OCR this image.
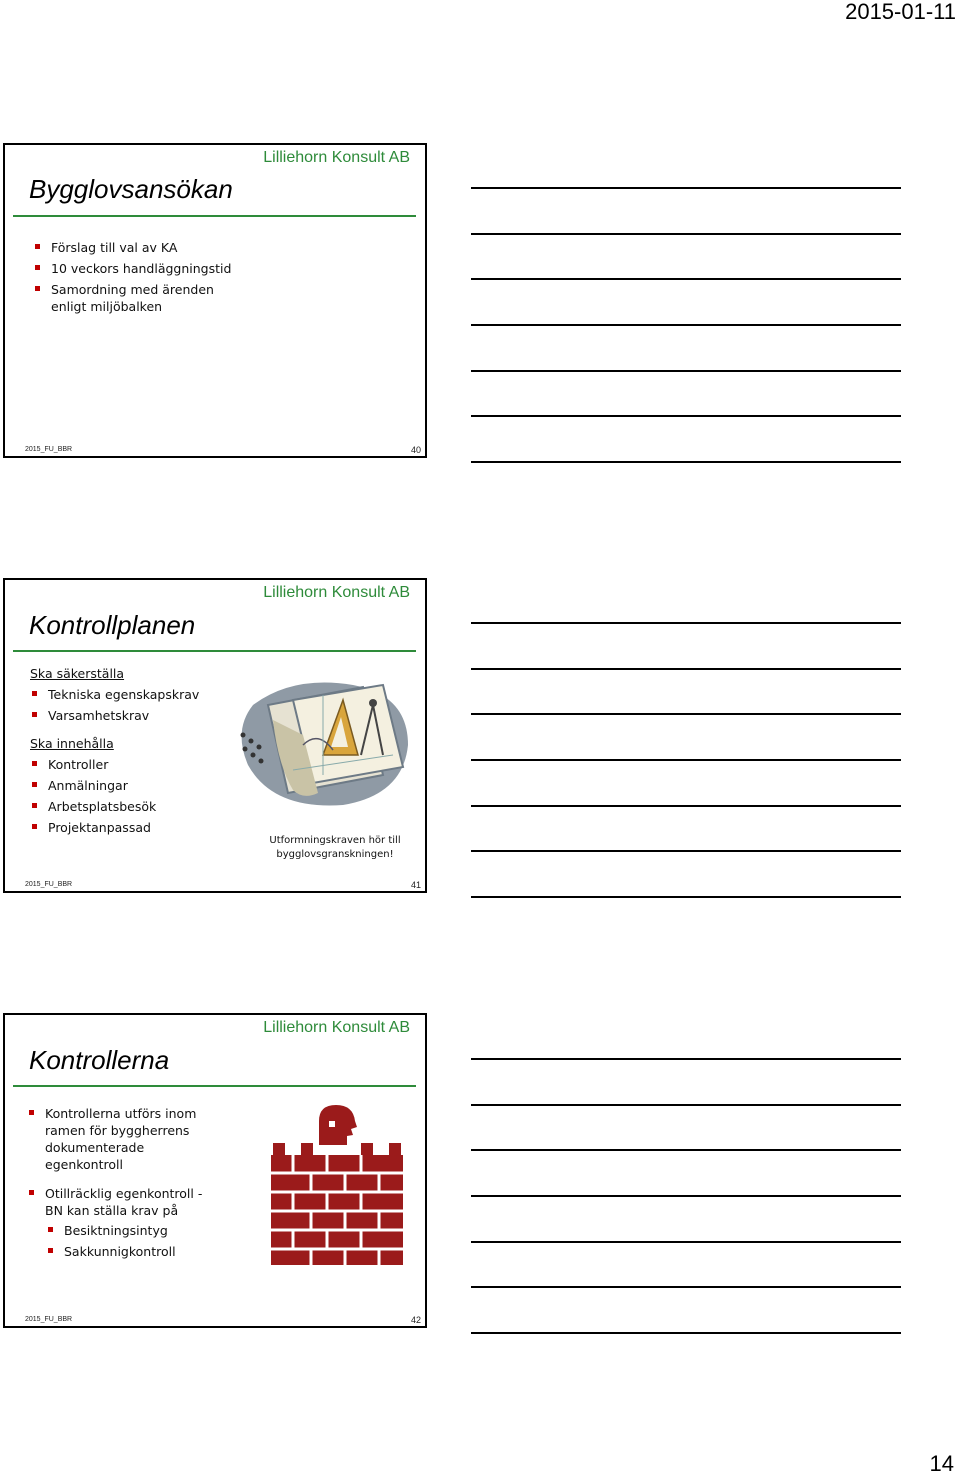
2015-01-11
Lilliehorn Konsult AB
Bygglovsansökan
Förslag till val av KA
10 veckors handläggningstid
Samordning med ärenden
enligt miljöbalken
2015_FU_BBR	40
Lilliehorn Konsult AB
Kontrollplanen
Ska säkerställa
Tekniska egenskapskrav
Varsamhetskrav
Ska innehålla
Kontroller
Anmälningar
Arbetsplatsbesök
Projektanpassad
Utformningskraven hör till
bygglovsgranskningen!
2015_FU_BBR	41
Lilliehorn Konsult AB
Kontrollerna
Kontrollerna utförs inom
ramen för byggherrens
dokumenterade
egenkontroll
Otillräcklig egenkontroll -
BN kan ställa krav på
Besiktningsintyg
Sakkunnigkontroll
2015_FU_BBR	42
14
